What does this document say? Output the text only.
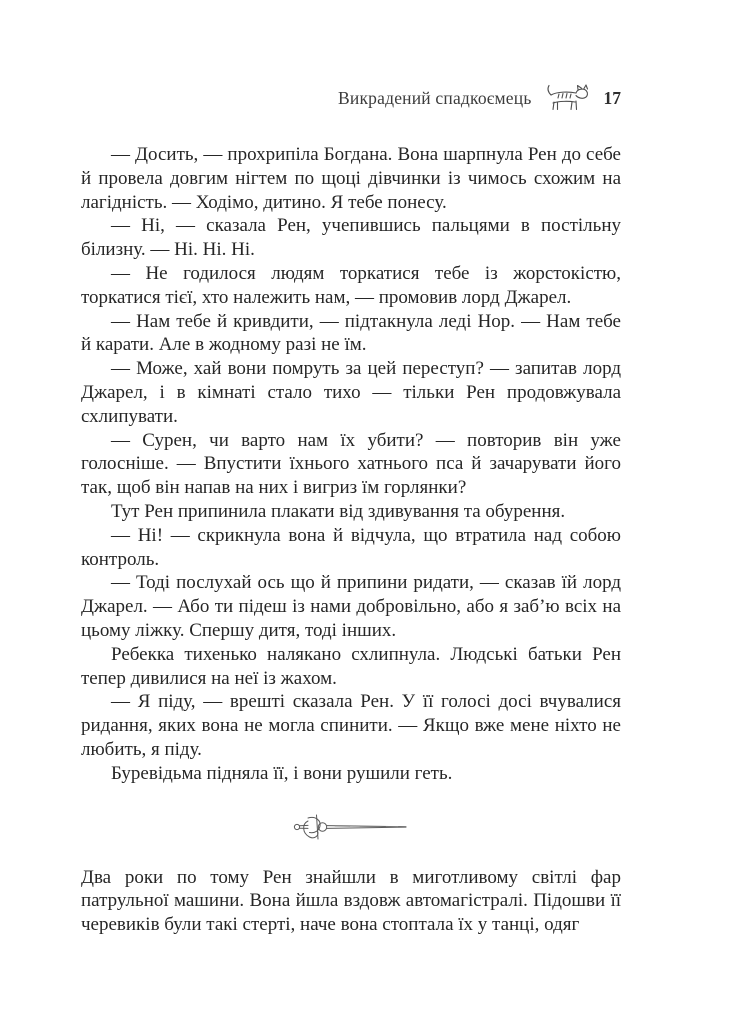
Викрадений спадкоємець	17

— Досить, — прохрипіла Богдана. Вона шарпнула Рен до себе й провела довгим нігтем по щоці дівчинки із чимось схожим на лагідність. — Ходімо, дитино. Я тебе понесу.

— Ні, — сказала Рен, учепившись пальцями в постільну білизну. — Ні. Ні. Ні.

— Не годилося людям торкатися тебе із жорстокістю, торкатися тієї, хто належить нам, — промовив лорд Джарел.

— Нам тебе й кривдити, — підтакнула леді Нор. — Нам тебе й карати. Але в жодному разі не їм.

— Може, хай вони помруть за цей переступ? — запитав лорд Джарел, і в кімнаті стало тихо — тільки Рен продовжувала схлипувати.

— Сурен, чи варто нам їх убити? — повторив він уже голосніше. — Впустити їхнього хатнього пса й зачарувати його так, щоб він напав на них і вигриз їм горлянки?

Тут Рен припинила плакати від здивування та обурення.

— Ні! — скрикнула вона й відчула, що втратила над собою контроль.

— Тоді послухай ось що й припини ридати, — сказав їй лорд Джарел. — Або ти підеш із нами добровільно, або я заб’ю всіх на цьому ліжку. Спершу дитя, тоді інших.

Ребекка тихенько налякано схлипнула. Людські батьки Рен тепер дивилися на неї із жахом.

— Я піду, — врешті сказала Рен. У її голосі досі вчувалися ридання, яких вона не могла спинити. — Якщо вже мене ніхто не любить, я піду.

Буревідьма підняла її, і вони рушили геть.

Два роки по тому Рен знайшли в миготливому світлі фар патрульної машини. Вона йшла вздовж автомагістралі. Підошви її черевиків були такі стерті, наче вона стоптала їх у танці, одяг
